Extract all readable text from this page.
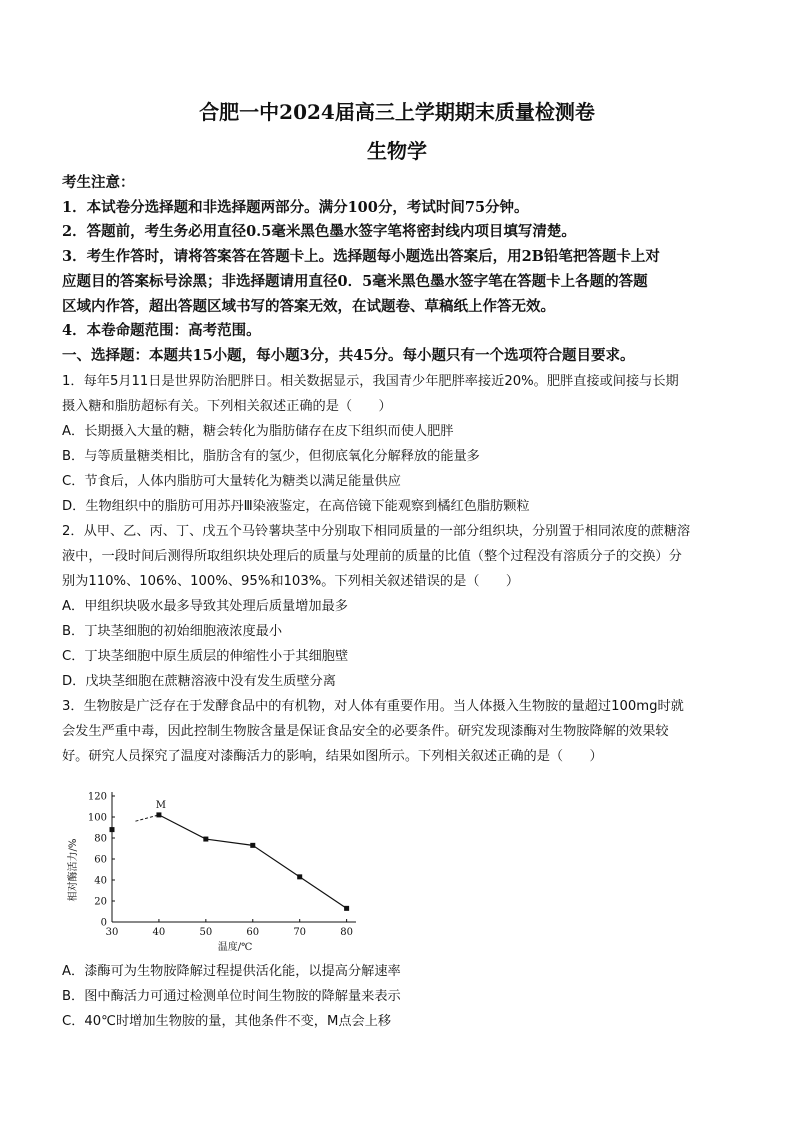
合肥一中2024届高三上学期期末质量检测卷
生物学
考生注意：
1．本试卷分选择题和非选择题两部分。满分100分，考试时间75分钟。
2．答题前，考生务必用直径0.5毫米黑色墨水签字笔将密封线内项目填写清楚。
3．考生作答时，请将答案答在答题卡上。选择题每小题选出答案后，用2B铅笔把答题卡上对
应题目的答案标号涂黑；非选择题请用直径0．5毫米黑色墨水签字笔在答题卡上各题的答题
区域内作答，超出答题区域书写的答案无效，在试题卷、草稿纸上作答无效。
4．本卷命题范围：高考范围。
一、选择题：本题共15小题，每小题3分，共45分。每小题只有一个选项符合题目要求。
1．每年5月11日是世界防治肥胖日。相关数据显示，我国青少年肥胖率接近20%。肥胖直接或间接与长期
摄入糖和脂肪超标有关。下列相关叙述正确的是（　　）
A．长期摄入大量的糖，糖会转化为脂肪储存在皮下组织而使人肥胖
B．与等质量糖类相比，脂肪含有的氢少，但彻底氧化分解释放的能量多
C．节食后，人体内脂肪可大量转化为糖类以满足能量供应
D．生物组织中的脂肪可用苏丹Ⅲ染液鉴定，在高倍镜下能观察到橘红色脂肪颗粒
2．从甲、乙、丙、丁、戊五个马铃薯块茎中分别取下相同质量的一部分组织块，分别置于相同浓度的蔗糖溶
液中，一段时间后测得所取组织块处理后的质量与处理前的质量的比值（整个过程没有溶质分子的交换）分
别为110%、106%、100%、95%和103%。下列相关叙述错误的是（　　）
A．甲组织块吸水最多导致其处理后质量增加最多
B．丁块茎细胞的初始细胞液浓度最小
C．丁块茎细胞中原生质层的伸缩性小于其细胞壁
D．戊块茎细胞在蔗糖溶液中没有发生质壁分离
3．生物胺是广泛存在于发酵食品中的有机物，对人体有重要作用。当人体摄入生物胺的量超过100mg时就
会发生严重中毒，因此控制生物胺含量是保证食品安全的必要条件。研究发现漆酶对生物胺降解的效果较
好。研究人员探究了温度对漆酶活力的影响，结果如图所示。下列相关叙述正确的是（　　）
0
20
40
60
80
100
120
30	40	50	60	70	80
M
相对酶活力/%
温度/℃
A．漆酶可为生物胺降解过程提供活化能，以提高分解速率
B．图中酶活力可通过检测单位时间生物胺的降解量来表示
C．40℃时增加生物胺的量，其他条件不变，M点会上移
